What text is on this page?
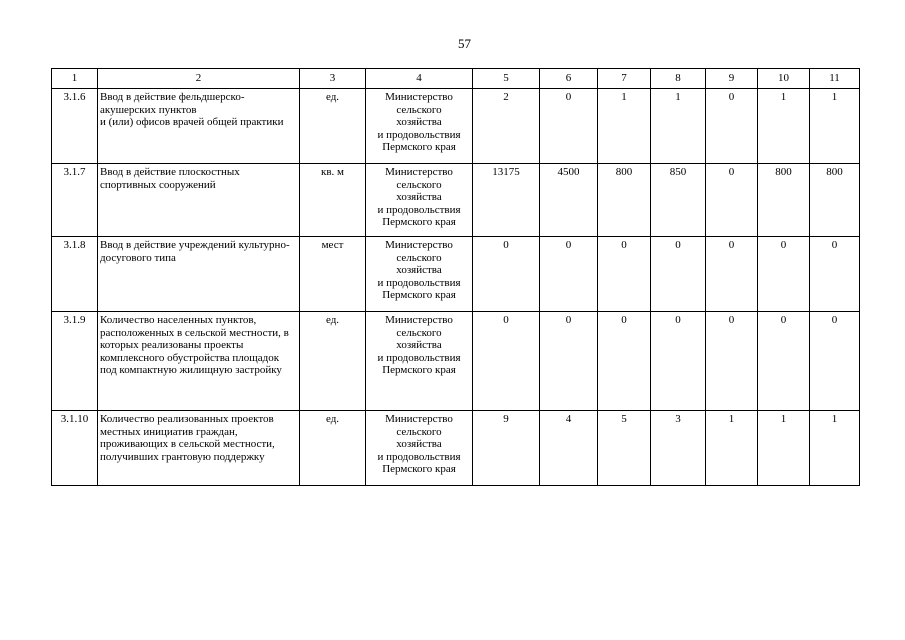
57
1	2	3	4	5	6	7	8	9	10	11
3.1.6	Ввод в действие фельдшерско-акушерских пунктов
и (или) офисов врачей общей практики	ед.	Министерство
сельского
хозяйства
и продовольствия
Пермского края	2	0	1	1	0	1	1
3.1.7	Ввод в действие плоскостных спортивных сооружений	кв. м	Министерство
сельского
хозяйства
и продовольствия
Пермского края	13175	4500	800	850	0	800	800
3.1.8	Ввод в действие учреждений культурно-досугового типа	мест	Министерство
сельского
хозяйства
и продовольствия
Пермского края	0	0	0	0	0	0	0
3.1.9	Количество населенных пунктов, расположенных в сельской местности, в которых реализованы проекты комплексного обустройства площадок
под компактную жилищную застройку	ед.	Министерство
сельского
хозяйства
и продовольствия
Пермского края	0	0	0	0	0	0	0
3.1.10	Количество реализованных проектов местных инициатив граждан, проживающих в сельской местности, получивших грантовую поддержку	ед.	Министерство
сельского
хозяйства
и продовольствия
Пермского края	9	4	5	3	1	1	1
